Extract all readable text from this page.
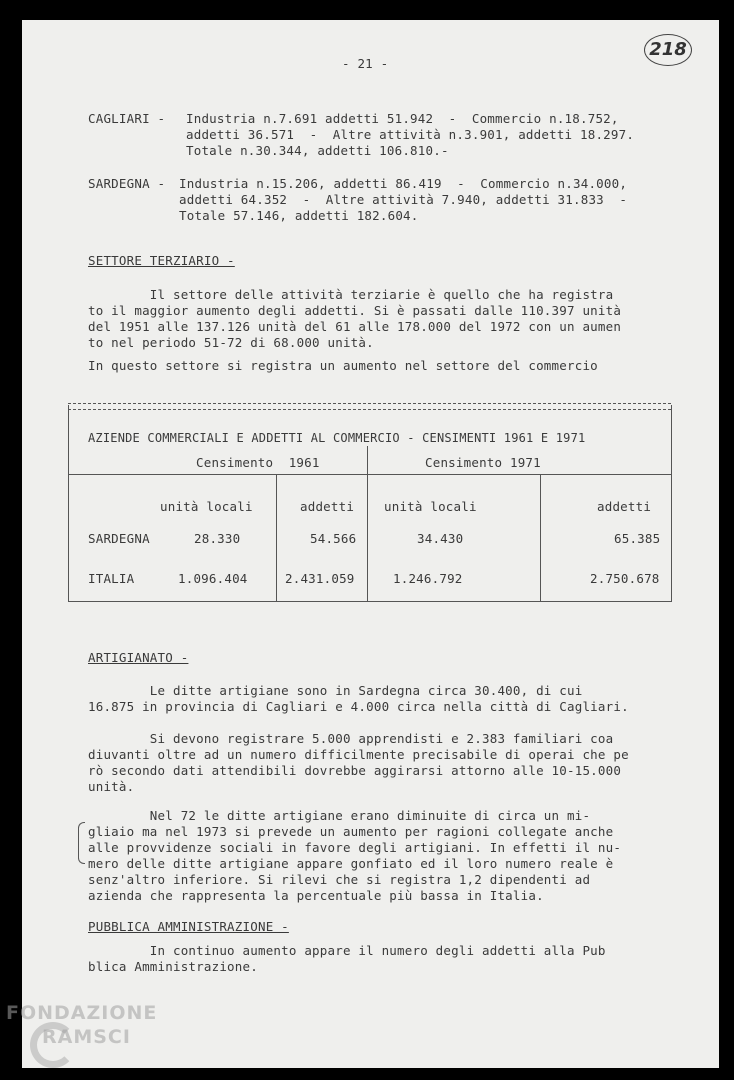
218
- 21 -
CAGLIARI - Industria n.7.691 addetti 51.942  -  Commercio n.18.752,
addetti 36.571  -  Altre attività n.3.901, addetti 18.297.
Totale n.30.344, addetti 106.810.-
SARDEGNA - Industria n.15.206, addetti 86.419  -  Commercio n.34.000,
addetti 64.352  -  Altre attività 7.940, addetti 31.833  -
Totale 57.146, addetti 182.604.
SETTORE TERZIARIO -
Il settore delle attività terziarie è quello che ha registra
to il maggior aumento degli addetti. Si è passati dalle 110.397 unità
del 1951 alle 137.126 unità del 61 alle 178.000 del 1972 con un aumen
to nel periodo 51-72 di 68.000 unità.
In questo settore si registra un aumento nel settore del commercio
AZIENDE COMMERCIALI E ADDETTI AL COMMERCIO - CENSIMENTI 1961 E 1971
Censimento  1961	Censimento 1971
unità locali	addetti unità locali	addetti
SARDEGNA	28.330	54.566	34.430	65.385
ITALIA	1.096.404	2.431.059	1.246.792	2.750.678
ARTIGIANATO -
Le ditte artigiane sono in Sardegna circa 30.400, di cui
16.875 in provincia di Cagliari e 4.000 circa nella città di Cagliari.
Si devono registrare 5.000 apprendisti e 2.383 familiari coa
diuvanti oltre ad un numero difficilmente precisabile di operai che pe
rò secondo dati attendibili dovrebbe aggirarsi attorno alle 10-15.000
unità.
Nel 72 le ditte artigiane erano diminuite di circa un mi-
gliaio ma nel 1973 si prevede un aumento per ragioni collegate anche
alle provvidenze sociali in favore degli artigiani. In effetti il nu-
mero delle ditte artigiane appare gonfiato ed il loro numero reale è
senz'altro inferiore. Si rilevi che si registra 1,2 dipendenti ad
azienda che rappresenta la percentuale più bassa in Italia.
PUBBLICA AMMINISTRAZIONE -
In continuo aumento appare il numero degli addetti alla Pub
blica Amministrazione.
FONDAZIONE
RAMSCI
